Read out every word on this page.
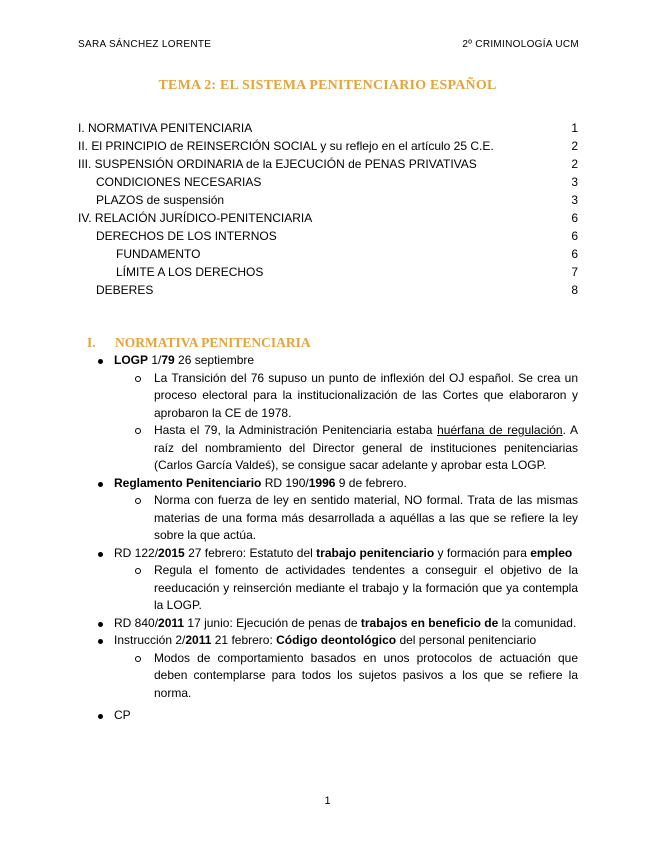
SARA SÁNCHEZ LORENTE	2º CRIMINOLOGÍA UCM
TEMA 2: EL SISTEMA PENITENCIARIO ESPAÑOL
I. NORMATIVA PENITENCIARIA	1
II. El PRINCIPIO de REINSERCIÓN SOCIAL y su reflejo en el artículo 25 C.E.	2
III. SUSPENSIÓN ORDINARIA de la EJECUCIÓN de PENAS PRIVATIVAS	2
CONDICIONES NECESARIAS	3
PLAZOS de suspensión	3
IV. RELACIÓN JURÍDICO-PENITENCIARIA	6
DERECHOS DE LOS INTERNOS	6
FUNDAMENTO	6
LÍMITE A LOS DERECHOS	7
DEBERES	8
I. NORMATIVA PENITENCIARIA
LOGP 1/79 26 septiembre
La Transición del 76 supuso un punto de inflexión del OJ español. Se crea un proceso electoral para la institucionalización de las Cortes que elaboraron y aprobaron la CE de 1978.
Hasta el 79, la Administración Penitenciaria estaba huérfana de regulación. A raíz del nombramiento del Director general de instituciones penitenciarias (Carlos García Valdeś), se consigue sacar adelante y aprobar esta LOGP.
Reglamento Penitenciario RD 190/1996 9 de febrero.
Norma con fuerza de ley en sentido material, NO formal. Trata de las mismas materias de una forma más desarrollada a aquéllas a las que se refiere la ley sobre la que actúa.
RD 122/2015 27 febrero: Estatuto del trabajo penitenciario y formación para empleo
Regula el fomento de actividades tendentes a conseguir el objetivo de la reeducación y reinserción mediante el trabajo y la formación que ya contempla la LOGP.
RD 840/2011 17 junio: Ejecución de penas de trabajos en beneficio de la comunidad.
Instrucción 2/2011 21 febrero: Código deontológico del personal penitenciario
Modos de comportamiento basados en unos protocolos de actuación que deben contemplarse para todos los sujetos pasivos a los que se refiere la norma.
CP
1
